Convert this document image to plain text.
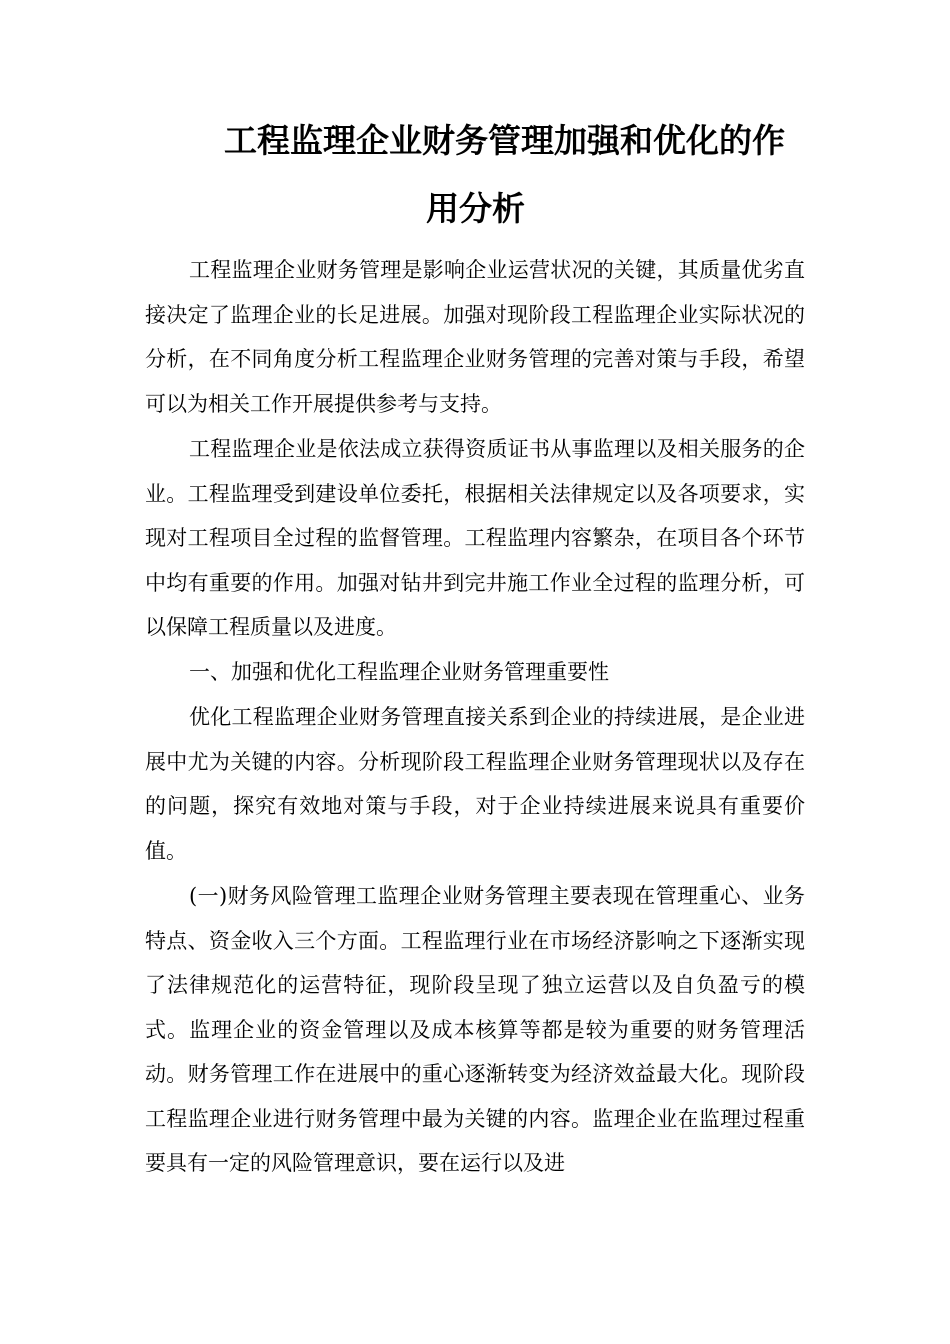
工程监理企业财务管理加强和优化的作
用分析

工程监理企业财务管理是影响企业运营状况的关键，其质量优劣直接决定了监理企业的长足进展。加强对现阶段工程监理企业实际状况的分析，在不同角度分析工程监理企业财务管理的完善对策与手段，希望可以为相关工作开展提供参考与支持。

工程监理企业是依法成立获得资质证书从事监理以及相关服务的企业。工程监理受到建设单位委托，根据相关法律规定以及各项要求，实现对工程项目全过程的监督管理。工程监理内容繁杂，在项目各个环节中均有重要的作用。加强对钻井到完井施工作业全过程的监理分析，可以保障工程质量以及进度。

一、加强和优化工程监理企业财务管理重要性

优化工程监理企业财务管理直接关系到企业的持续进展，是企业进展中尤为关键的内容。分析现阶段工程监理企业财务管理现状以及存在的问题，探究有效地对策与手段，对于企业持续进展来说具有重要价值。

(一)财务风险管理工监理企业财务管理主要表现在管理重心、业务特点、资金收入三个方面。工程监理行业在市场经济影响之下逐渐实现了法律规范化的运营特征，现阶段呈现了独立运营以及自负盈亏的模式。监理企业的资金管理以及成本核算等都是较为重要的财务管理活动。财务管理工作在进展中的重心逐渐转变为经济效益最大化。现阶段工程监理企业进行财务管理中最为关键的内容。监理企业在监理过程重要具有一定的风险管理意识，要在运行以及进
